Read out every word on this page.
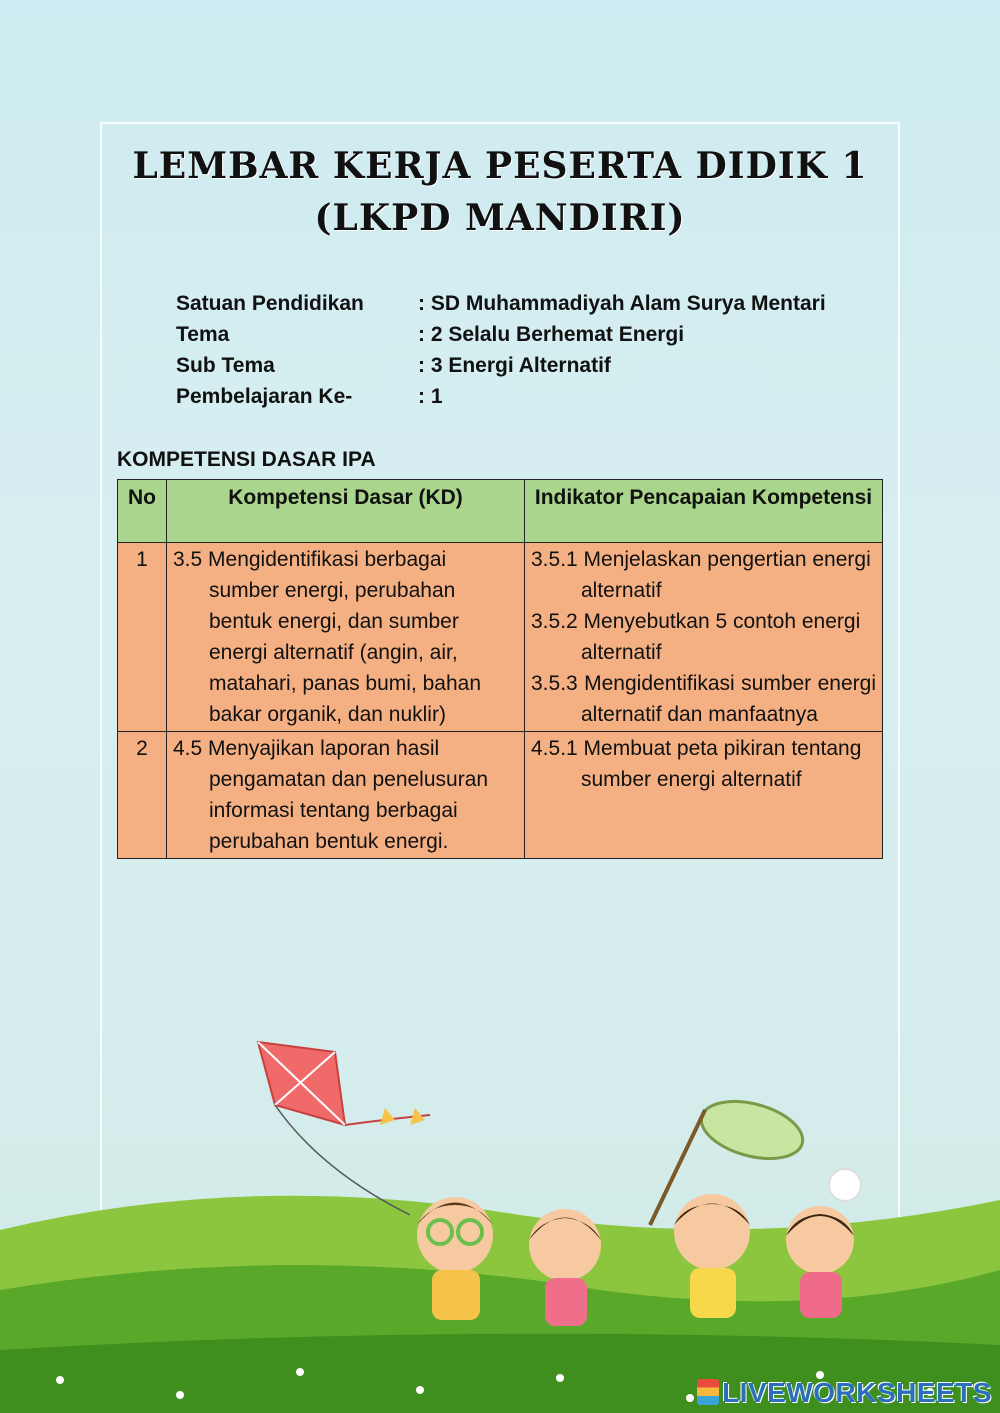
LEMBAR KERJA PESERTA DIDIK 1
(LKPD MANDIRI)
Satuan Pendidikan	: SD Muhammadiyah Alam Surya Mentari
Tema	: 2 Selalu Berhemat Energi
Sub Tema	: 3 Energi Alternatif
Pembelajaran Ke-	: 1
KOMPETENSI DASAR IPA
No	Kompetensi Dasar (KD)	Indikator Pencapaian Kompetensi
1	3.5 Mengidentifikasi berbagai sumber energi, perubahan bentuk energi, dan sumber energi alternatif (angin, air, matahari, panas bumi, bahan bakar organik, dan nuklir)	3.5.1 Menjelaskan pengertian energi alternatif
3.5.2 Menyebutkan 5 contoh energi alternatif
3.5.3 Mengidentifikasi sumber energi alternatif dan manfaatnya

2	4.5 Menyajikan laporan hasil pengamatan dan penelusuran informasi tentang berbagai perubahan bentuk energi.	4.5.1 Membuat peta pikiran tentang sumber energi alternatif
LIVEWORKSHEETS
